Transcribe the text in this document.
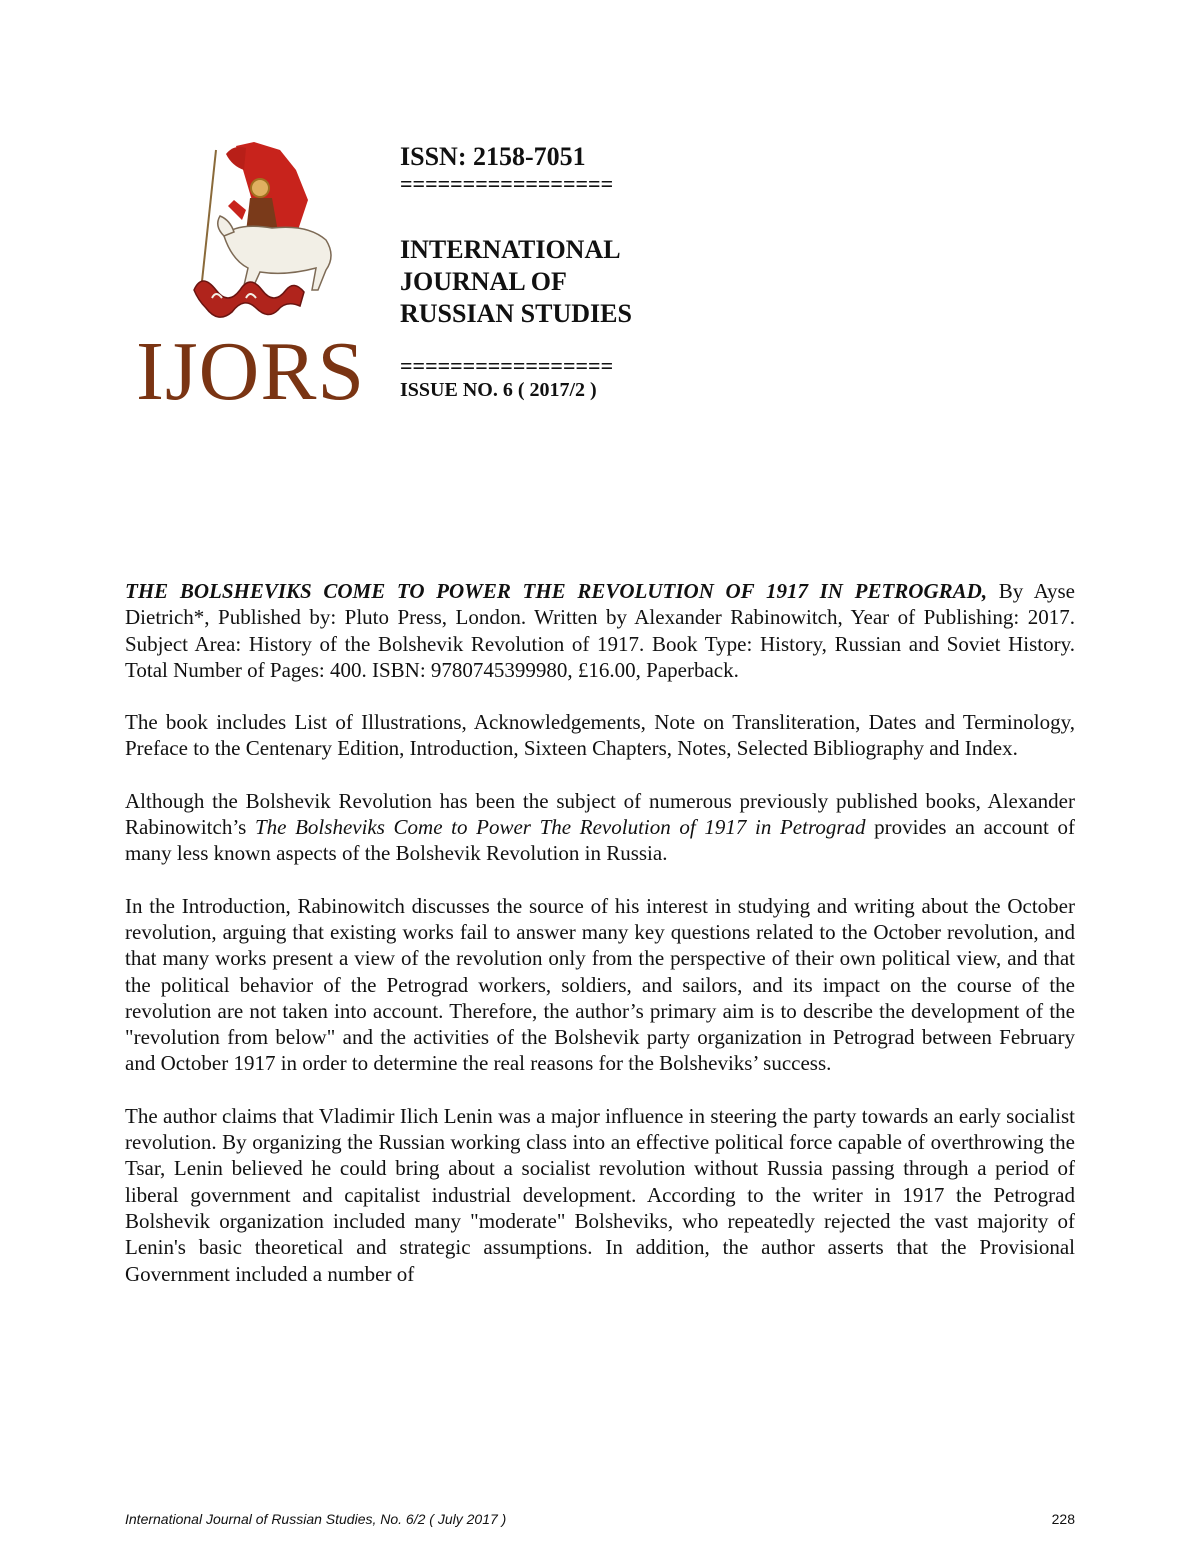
IJORS

ISSN: 2158-7051

=================

INTERNATIONAL

JOURNAL OF

RUSSIAN STUDIES

=================

ISSUE NO. 6 ( 2017/2 )

THE BOLSHEVIKS COME TO POWER THE REVOLUTION OF 1917 IN PETROGRAD, By Ayse Dietrich*, Published by: Pluto Press, London. Written by Alexander Rabinowitch, Year of Publishing: 2017. Subject Area: History of the Bolshevik Revolution of 1917. Book Type: History, Russian and Soviet History. Total Number of Pages: 400. ISBN: 9780745399980, £16.00, Paperback.

The book includes List of Illustrations, Acknowledgements, Note on Transliteration, Dates and Terminology, Preface to the Centenary Edition, Introduction, Sixteen Chapters, Notes, Selected Bibliography and Index.

Although the Bolshevik Revolution has been the subject of numerous previously published books, Alexander Rabinowitch’s The Bolsheviks Come to Power The Revolution of 1917 in Petrograd provides an account of many less known aspects of the Bolshevik Revolution in Russia.

In the Introduction, Rabinowitch discusses the source of his interest in studying and writing about the October revolution, arguing that existing works fail to answer many key questions related to the October revolution, and that many works present a view of the revolution only from the perspective of their own political view, and that the political behavior of the Petrograd workers, soldiers, and sailors, and its impact on the course of the revolution are not taken into account. Therefore, the author’s primary aim is to describe the development of the "revolution from below" and the activities of the Bolshevik party organization in Petrograd between February and October 1917 in order to determine the real reasons for the Bolsheviks’ success.

The author claims that Vladimir Ilich Lenin was a major influence in steering the party towards an early socialist revolution. By organizing the Russian working class into an effective political force capable of overthrowing the Tsar, Lenin believed he could bring about a socialist revolution without Russia passing through a period of liberal government and capitalist industrial development. According to the writer in 1917 the Petrograd Bolshevik organization included many "moderate" Bolsheviks, who repeatedly rejected the vast majority of Lenin's basic theoretical and strategic assumptions. In addition, the author asserts that the Provisional Government included a number of

International Journal of Russian Studies, No. 6/2 ( July 2017 )	228
